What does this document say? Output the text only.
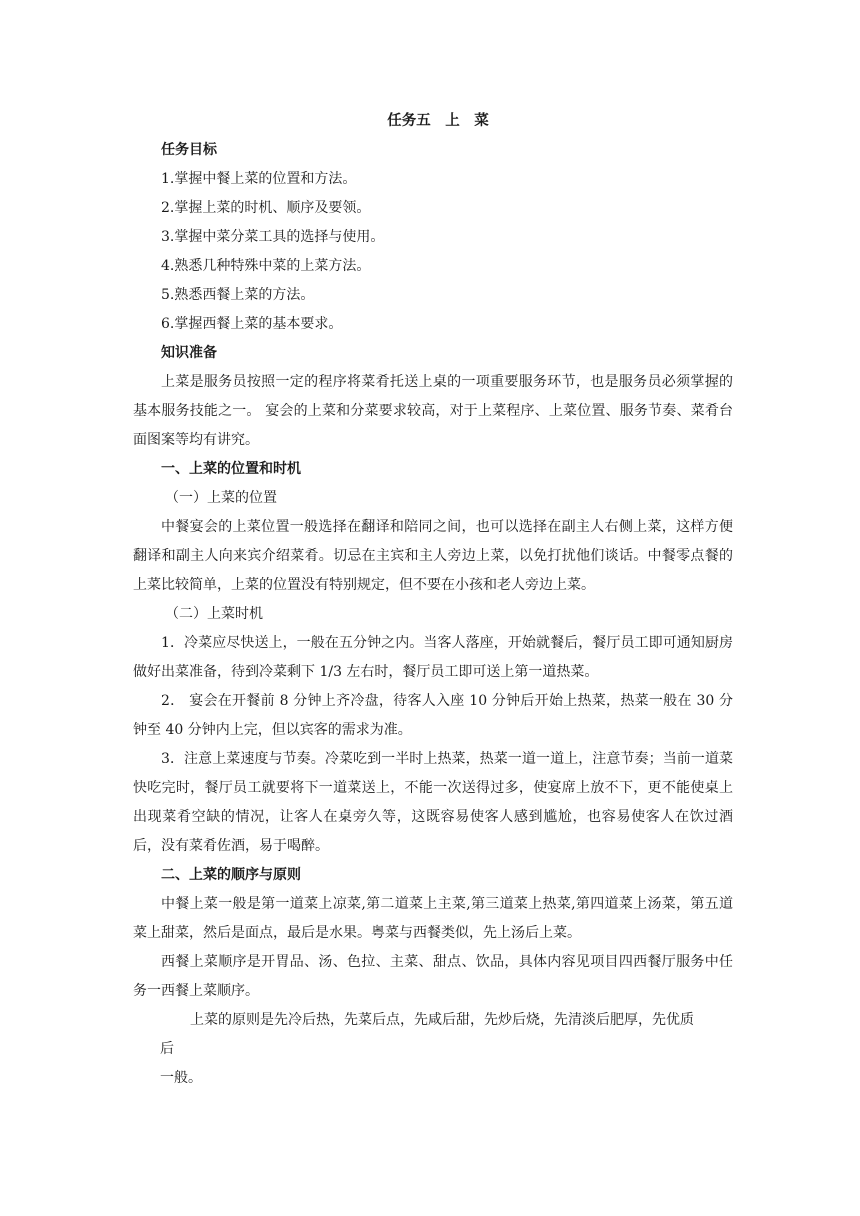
任务五　上　菜
任务目标
1.掌握中餐上菜的位置和方法。
2.掌握上菜的时机、顺序及要领。
3.掌握中菜分菜工具的选择与使用。
4.熟悉几种特殊中菜的上菜方法。
5.熟悉西餐上菜的方法。
6.掌握西餐上菜的基本要求。
知识准备
上菜是服务员按照一定的程序将菜肴托送上桌的一项重要服务环节，也是服务员必须掌握的基本服务技能之一。 宴会的上菜和分菜要求较高，对于上菜程序、上菜位置、服务节奏、菜肴台面图案等均有讲究。
一、上菜的位置和时机
（一）上菜的位置
中餐宴会的上菜位置一般选择在翻译和陪同之间，也可以选择在副主人右侧上菜，这样方便翻译和副主人向来宾介绍菜肴。切忌在主宾和主人旁边上菜，以免打扰他们谈话。中餐零点餐的上菜比较简单，上菜的位置没有特别规定，但不要在小孩和老人旁边上菜。
（二）上菜时机
1．冷菜应尽快送上，一般在五分钟之内。当客人落座，开始就餐后，餐厅员工即可通知厨房做好出菜准备，待到冷菜剩下 1/3 左右时，餐厅员工即可送上第一道热菜。
2． 宴会在开餐前 8 分钟上齐冷盘，待客人入座 10 分钟后开始上热菜，热菜一般在 30 分钟至 40 分钟内上完，但以宾客的需求为准。
3．注意上菜速度与节奏。冷菜吃到一半时上热菜，热菜一道一道上，注意节奏；当前一道菜快吃完时，餐厅员工就要将下一道菜送上，不能一次送得过多，使宴席上放不下，更不能使桌上出现菜肴空缺的情况，让客人在桌旁久等，这既容易使客人感到尴尬，也容易使客人在饮过酒后，没有菜肴佐酒，易于喝醉。
二、上菜的顺序与原则
中餐上菜一般是第一道菜上凉菜,第二道菜上主菜,第三道菜上热菜,第四道菜上汤菜，第五道菜上甜菜，然后是面点，最后是水果。粤菜与西餐类似，先上汤后上菜。
西餐上菜顺序是开胃品、汤、色拉、主菜、甜点、饮品，具体内容见项目四西餐厅服务中任务一西餐上菜顺序。
上菜的原则是先冷后热，先菜后点，先咸后甜，先炒后烧，先清淡后肥厚，先优质
后
一般。
